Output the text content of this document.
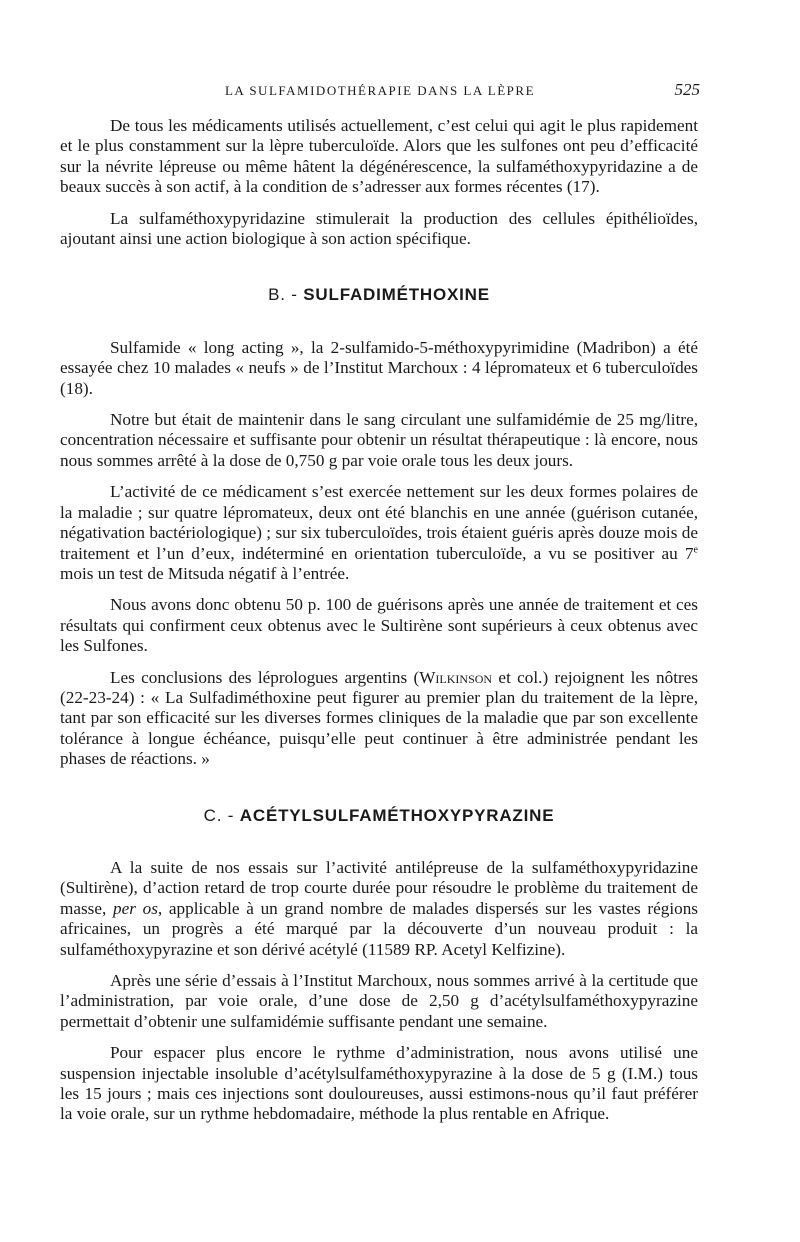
LA SULFAMIDOTHÉRAPIE DANS LA LÈPRE	525

De tous les médicaments utilisés actuellement, c’est celui qui agit le plus rapidement et le plus constamment sur la lèpre tuberculoïde. Alors que les sulfones ont peu d’efficacité sur la névrite lépreuse ou même hâtent la dégénérescence, la sulfaméthoxypyridazine a de beaux succès à son actif, à la condition de s’adresser aux formes récentes (17).

La sulfaméthoxypyridazine stimulerait la production des cellules épithélioïdes, ajoutant ainsi une action biologique à son action spécifique.

B. - SULFADIMÉTHOXINE

Sulfamide « long acting », la 2-sulfamido-5-méthoxypyrimidine (Madribon) a été essayée chez 10 malades « neufs » de l’Institut Marchoux : 4 lépromateux et 6 tuberculoïdes (18).

Notre but était de maintenir dans le sang circulant une sulfamidémie de 25 mg/litre, concentration nécessaire et suffisante pour obtenir un résultat thérapeutique : là encore, nous nous sommes arrêté à la dose de 0,750 g par voie orale tous les deux jours.

L’activité de ce médicament s’est exercée nettement sur les deux formes polaires de la maladie ; sur quatre lépromateux, deux ont été blanchis en une année (guérison cutanée, négativation bactériologique) ; sur six tuberculoïdes, trois étaient guéris après douze mois de traitement et l’un d’eux, indéterminé en orientation tuberculoïde, a vu se positiver au 7e mois un test de Mitsuda négatif à l’entrée.

Nous avons donc obtenu 50 p. 100 de guérisons après une année de traitement et ces résultats qui confirment ceux obtenus avec le Sultirène sont supérieurs à ceux obtenus avec les Sulfones.

Les conclusions des léprologues argentins (Wilkinson et col.) rejoignent les nôtres (22-23-24) : « La Sulfadiméthoxine peut figurer au premier plan du traitement de la lèpre, tant par son efficacité sur les diverses formes cliniques de la maladie que par son excellente tolérance à longue échéance, puisqu’elle peut continuer à être administrée pendant les phases de réactions. »

C. - ACÉTYLSULFAMÉTHOXYPYRAZINE

A la suite de nos essais sur l’activité antilépreuse de la sulfaméthoxypyridazine (Sultirène), d’action retard de trop courte durée pour résoudre le problème du traitement de masse, per os, applicable à un grand nombre de malades dispersés sur les vastes régions africaines, un progrès a été marqué par la découverte d’un nouveau produit : la sulfaméthoxypyrazine et son dérivé acétylé (11589 RP. Acetyl Kelfizine).

Après une série d’essais à l’Institut Marchoux, nous sommes arrivé à la certitude que l’administration, par voie orale, d’une dose de 2,50 g d’acétylsulfaméthoxypyrazine permettait d’obtenir une sulfamidémie suffisante pendant une semaine.

Pour espacer plus encore le rythme d’administration, nous avons utilisé une suspension injectable insoluble d’acétylsulfaméthoxypyrazine à la dose de 5 g (I.M.) tous les 15 jours ; mais ces injections sont douloureuses, aussi estimons-nous qu’il faut préférer la voie orale, sur un rythme hebdomadaire, méthode la plus rentable en Afrique.
